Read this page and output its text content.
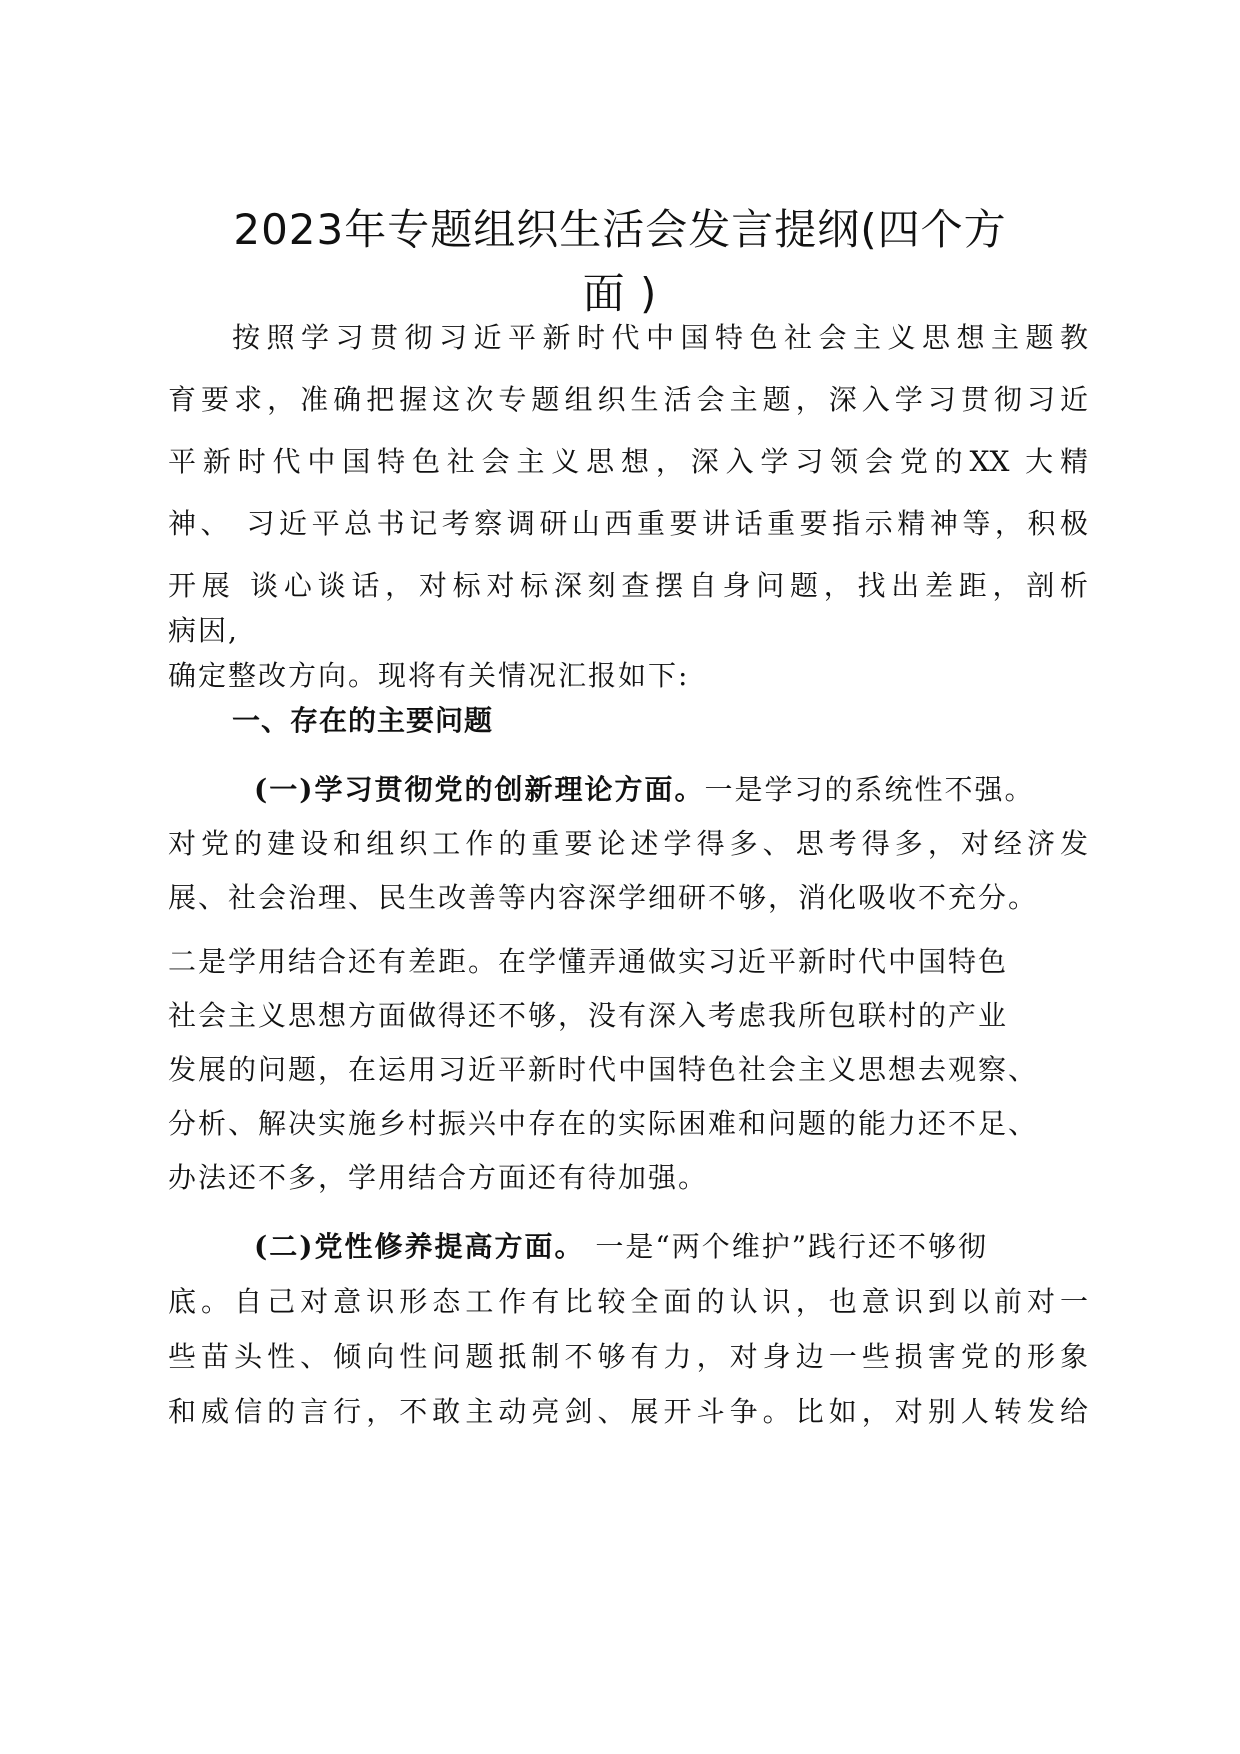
2023年专题组织生活会发言提纲(四个方
面 )
按照学习贯彻习近平新时代中国特色社会主义思想主题教
育要求，准确把握这次专题组织生活会主题，深入学习贯彻习近
平新时代中国特色社会主义思想，深入学习领会党的XX 大精
神、 习近平总书记考察调研山西重要讲话重要指示精神等，积极
开展 谈心谈话，对标对标深刻查摆自身问题，找出差距，剖析
病因,
确定整改方向。现将有关情况汇报如下:
一、存在的主要问题
(一)学习贯彻党的创新理论方面。一是学习的系统性不强。
对党的建设和组织工作的重要论述学得多、思考得多，对经济发
展、社会治理、民生改善等内容深学细研不够，消化吸收不充分。
二是学用结合还有差距。在学懂弄通做实习近平新时代中国特色
社会主义思想方面做得还不够，没有深入考虑我所包联村的产业
发展的问题，在运用习近平新时代中国特色社会主义思想去观察、
分析、解决实施乡村振兴中存在的实际困难和问题的能力还不足、
办法还不多，学用结合方面还有待加强。
(二)党性修养提高方面。 一是“两个维护”践行还不够彻
底。自己对意识形态工作有比较全面的认识，也意识到以前对一
些苗头性、倾向性问题抵制不够有力，对身边一些损害党的形象
和威信的言行，不敢主动亮剑、展开斗争。比如，对别人转发给
